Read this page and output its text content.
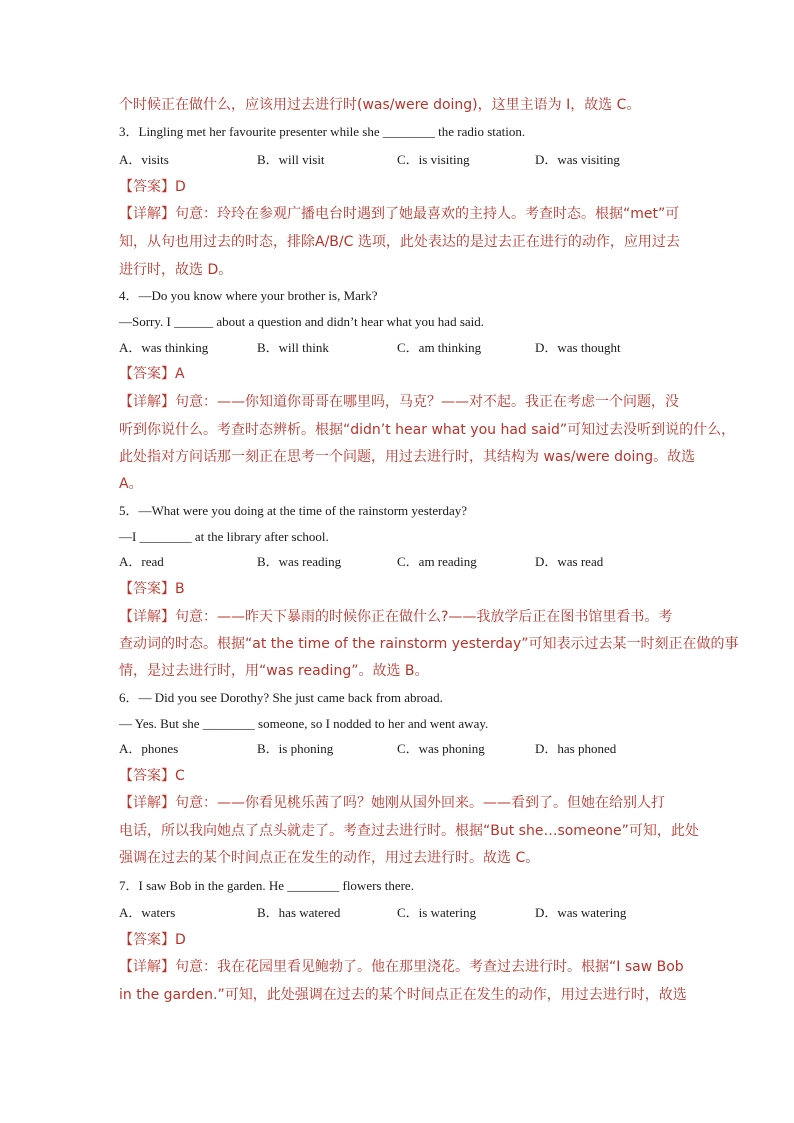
个时候正在做什么，应该用过去进行时(was/were doing)，这里主语为 I，故选 C。
3．Lingling met her favourite presenter while she ________ the radio station.
A．visits	B．will visit	C．is visiting	D．was visiting
【答案】D
【详解】句意：玲玲在参观广播电台时遇到了她最喜欢的主持人。考查时态。根据“met”可
知，从句也用过去的时态，排除A/B/C 选项，此处表达的是过去正在进行的动作，应用过去
进行时，故选 D。
4．—Do you know where your brother is, Mark?
—Sorry. I ______ about a question and didn’t hear what you had said.
A．was thinking	B．will think	C．am thinking	D．was thought
【答案】A
【详解】句意：——你知道你哥哥在哪里吗，马克？——对不起。我正在考虑一个问题，没
听到你说什么。考查时态辨析。根据“didn’t hear what you had said”可知过去没听到说的什么，
此处指对方问话那一刻正在思考一个问题，用过去进行时，其结构为 was/were doing。故选
A。
5．—What were you doing at the time of the rainstorm yesterday?
—I ________ at the library after school.
A．read	B．was reading	C．am reading	D．was read
【答案】B
【详解】句意：——昨天下暴雨的时候你正在做什么?——我放学后正在图书馆里看书。考
查动词的时态。根据“at the time of the rainstorm yesterday”可知表示过去某一时刻正在做的事
情，是过去进行时，用“was reading”。故选 B。
6．— Did you see Dorothy? She just came back from abroad.
— Yes. But she ________ someone, so I nodded to her and went away.
A．phones	B．is phoning	C．was phoning	D．has phoned
【答案】C
【详解】句意：——你看见桃乐茜了吗？她刚从国外回来。——看到了。但她在给别人打
电话，所以我向她点了点头就走了。考查过去进行时。根据“But she…someone”可知，此处
强调在过去的某个时间点正在发生的动作，用过去进行时。故选 C。
7．I saw Bob in the garden. He ________ flowers there.
A．waters	B．has watered	C．is watering	D．was watering
【答案】D
【详解】句意：我在花园里看见鲍勃了。他在那里浇花。考查过去进行时。根据“I saw Bob
in the garden.”可知，此处强调在过去的某个时间点正在发生的动作，用过去进行时，故选
